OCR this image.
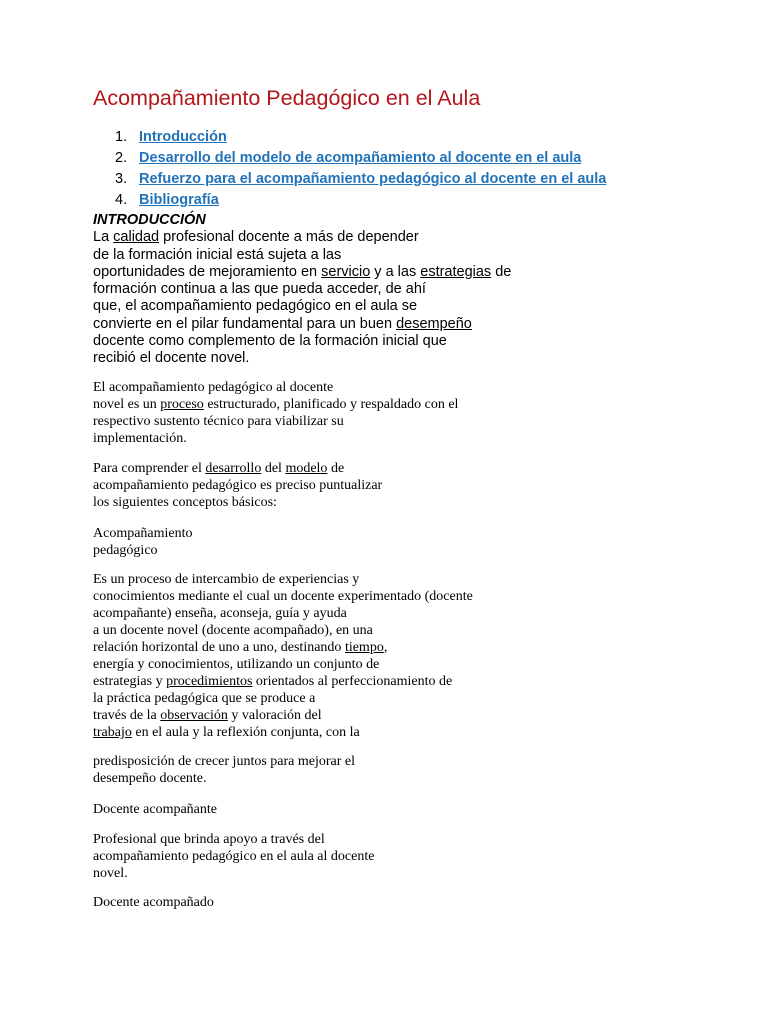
Acompañamiento Pedagógico en el Aula
1. Introducción
2. Desarrollo del modelo de acompañamiento al docente en el aula
3. Refuerzo para el acompañamiento pedagógico al docente en el aula
4. Bibliografía
INTRODUCCIÓN
La calidad profesional docente a más de depender
de la formación inicial está sujeta a las
oportunidades de mejoramiento en servicio y a las estrategias de
formación continua a las que pueda acceder, de ahí
que, el acompañamiento pedagógico en el aula se
convierte en el pilar fundamental para un buen desempeño
docente como complemento de la formación inicial que
recibió el docente novel.
El acompañamiento pedagógico al docente
novel es un proceso estructurado, planificado y respaldado con el
respectivo sustento técnico para viabilizar su
implementación.
Para comprender el desarrollo del modelo de
acompañamiento pedagógico es preciso puntualizar
los siguientes conceptos básicos:
Acompañamiento
pedagógico
Es un proceso de intercambio de experiencias y
conocimientos mediante el cual un docente experimentado (docente
acompañante) enseña, aconseja, guía y ayuda
a un docente novel (docente acompañado), en una
relación horizontal de uno a uno, destinando tiempo,
energía y conocimientos, utilizando un conjunto de
estrategias y procedimientos orientados al perfeccionamiento de
la práctica pedagógica que se produce a
través de la observación y valoración del
trabajo en el aula y la reflexión conjunta, con la
predisposición de crecer juntos para mejorar el
desempeño docente.
Docente acompañante
Profesional que brinda apoyo a través del
acompañamiento pedagógico en el aula al docente
novel.
Docente acompañado
